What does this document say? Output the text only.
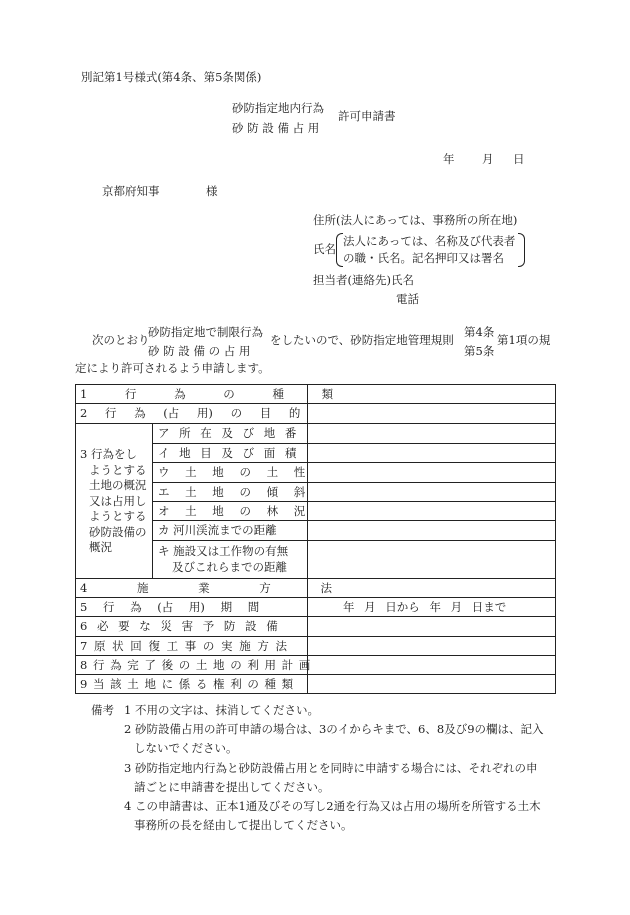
別記第1号様式(第4条、第5条関係)
砂防指定地内行為
砂 防 設 備 占 用
許可申請書
年 月 日
京都府知事	様
住所(法人にあっては、事務所の所在地)
氏名
法人にあっては、名称及び代表者
の職・氏名。記名押印又は署名
担当者(連絡先)氏名
電話
次のとおり
砂防指定地で制限行為
砂 防 設 備 の 占 用
をしたいので、砂防指定地管理規則
第4条
第5条
第1項の規
定により許可されるよう申請します。
1 行 為 の 種 類
2 行 為 (占 用) の 目 的
3 行為をし
ようとする
土地の概況
又は占用し
ようとする
砂防設備の
概況
ア 所 在 及 び 地 番
イ 地 目 及 び 面 積
ウ 土 地 の 土 性
エ 土 地 の 傾 斜
オ 土 地 の 林 況
カ 河川渓流までの距離
キ 施設又は工作物の有無
及びこれらまでの距離
4 施 業 方 法
5 行 為 (占 用) 期 間	年 月 日から 年 月 日まで
6 必 要 な 災 害 予 防 設 備
7 原 状 回 復 工 事 の 実 施 方 法
8 行 為 完 了 後 の 土 地 の 利 用 計 画
9 当 該 土 地 に 係 る 権 利 の 種 類
備考 1 不用の文字は、抹消してください。
2 砂防設備占用の許可申請の場合は、3のイからキまで、6、8及び9の欄は、記入
しないでください。
3 砂防指定地内行為と砂防設備占用とを同時に申請する場合には、それぞれの申
請ごとに申請書を提出してください。
4 この申請書は、正本1通及びその写し2通を行為又は占用の場所を所管する土木
事務所の長を経由して提出してください。
